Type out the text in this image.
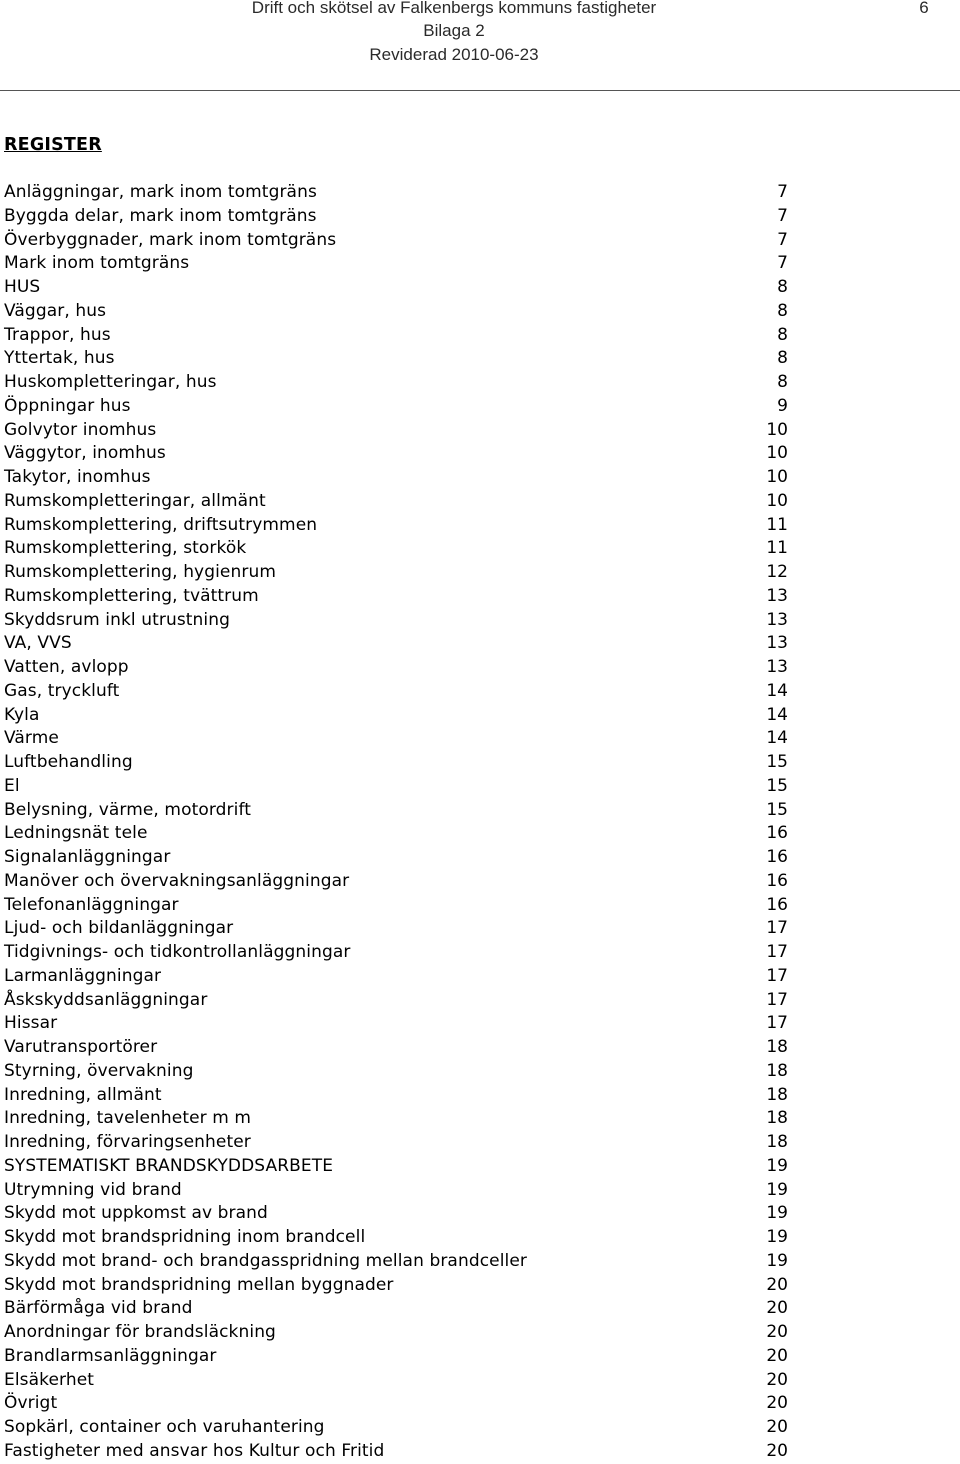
Drift och skötsel av Falkenbergs kommuns fastigheter
Bilaga 2
Reviderad 2010-06-23
6
REGISTER
Anläggningar, mark inom tomtgräns	7
Byggda delar, mark inom tomtgräns	7
Överbyggnader, mark inom tomtgräns	7
Mark inom tomtgräns	7
HUS	8
Väggar, hus	8
Trappor, hus	8
Yttertak, hus	8
Huskompletteringar, hus	8
Öppningar hus	9
Golvytor inomhus	10
Väggytor, inomhus	10
Takytor, inomhus	10
Rumskompletteringar, allmänt	10
Rumskomplettering, driftsutrymmen	11
Rumskomplettering, storkök	11
Rumskomplettering, hygienrum	12
Rumskomplettering, tvättrum	13
Skyddsrum inkl utrustning	13
VA, VVS	13
Vatten, avlopp	13
Gas, tryckluft	14
Kyla	14
Värme	14
Luftbehandling	15
El	15
Belysning, värme, motordrift	15
Ledningsnät tele	16
Signalanläggningar	16
Manöver och övervakningsanläggningar	16
Telefonanläggningar	16
Ljud- och bildanläggningar	17
Tidgivnings- och tidkontrollanläggningar	17
Larmanläggningar	17
Åskskyddsanläggningar	17
Hissar	17
Varutransportörer	18
Styrning, övervakning	18
Inredning, allmänt	18
Inredning, tavelenheter m m	18
Inredning, förvaringsenheter	18
SYSTEMATISKT BRANDSKYDDSARBETE	19
Utrymning vid brand	19
Skydd mot uppkomst av brand	19
Skydd mot brandspridning inom brandcell	19
Skydd mot brand- och brandgasspridning mellan brandceller	19
Skydd mot brandspridning mellan byggnader	20
Bärförmåga vid brand	20
Anordningar för brandsläckning	20
Brandlarmsanläggningar	20
Elsäkerhet	20
Övrigt	20
Sopkärl, container och varuhantering	20
Fastigheter med ansvar hos Kultur och Fritid	20
